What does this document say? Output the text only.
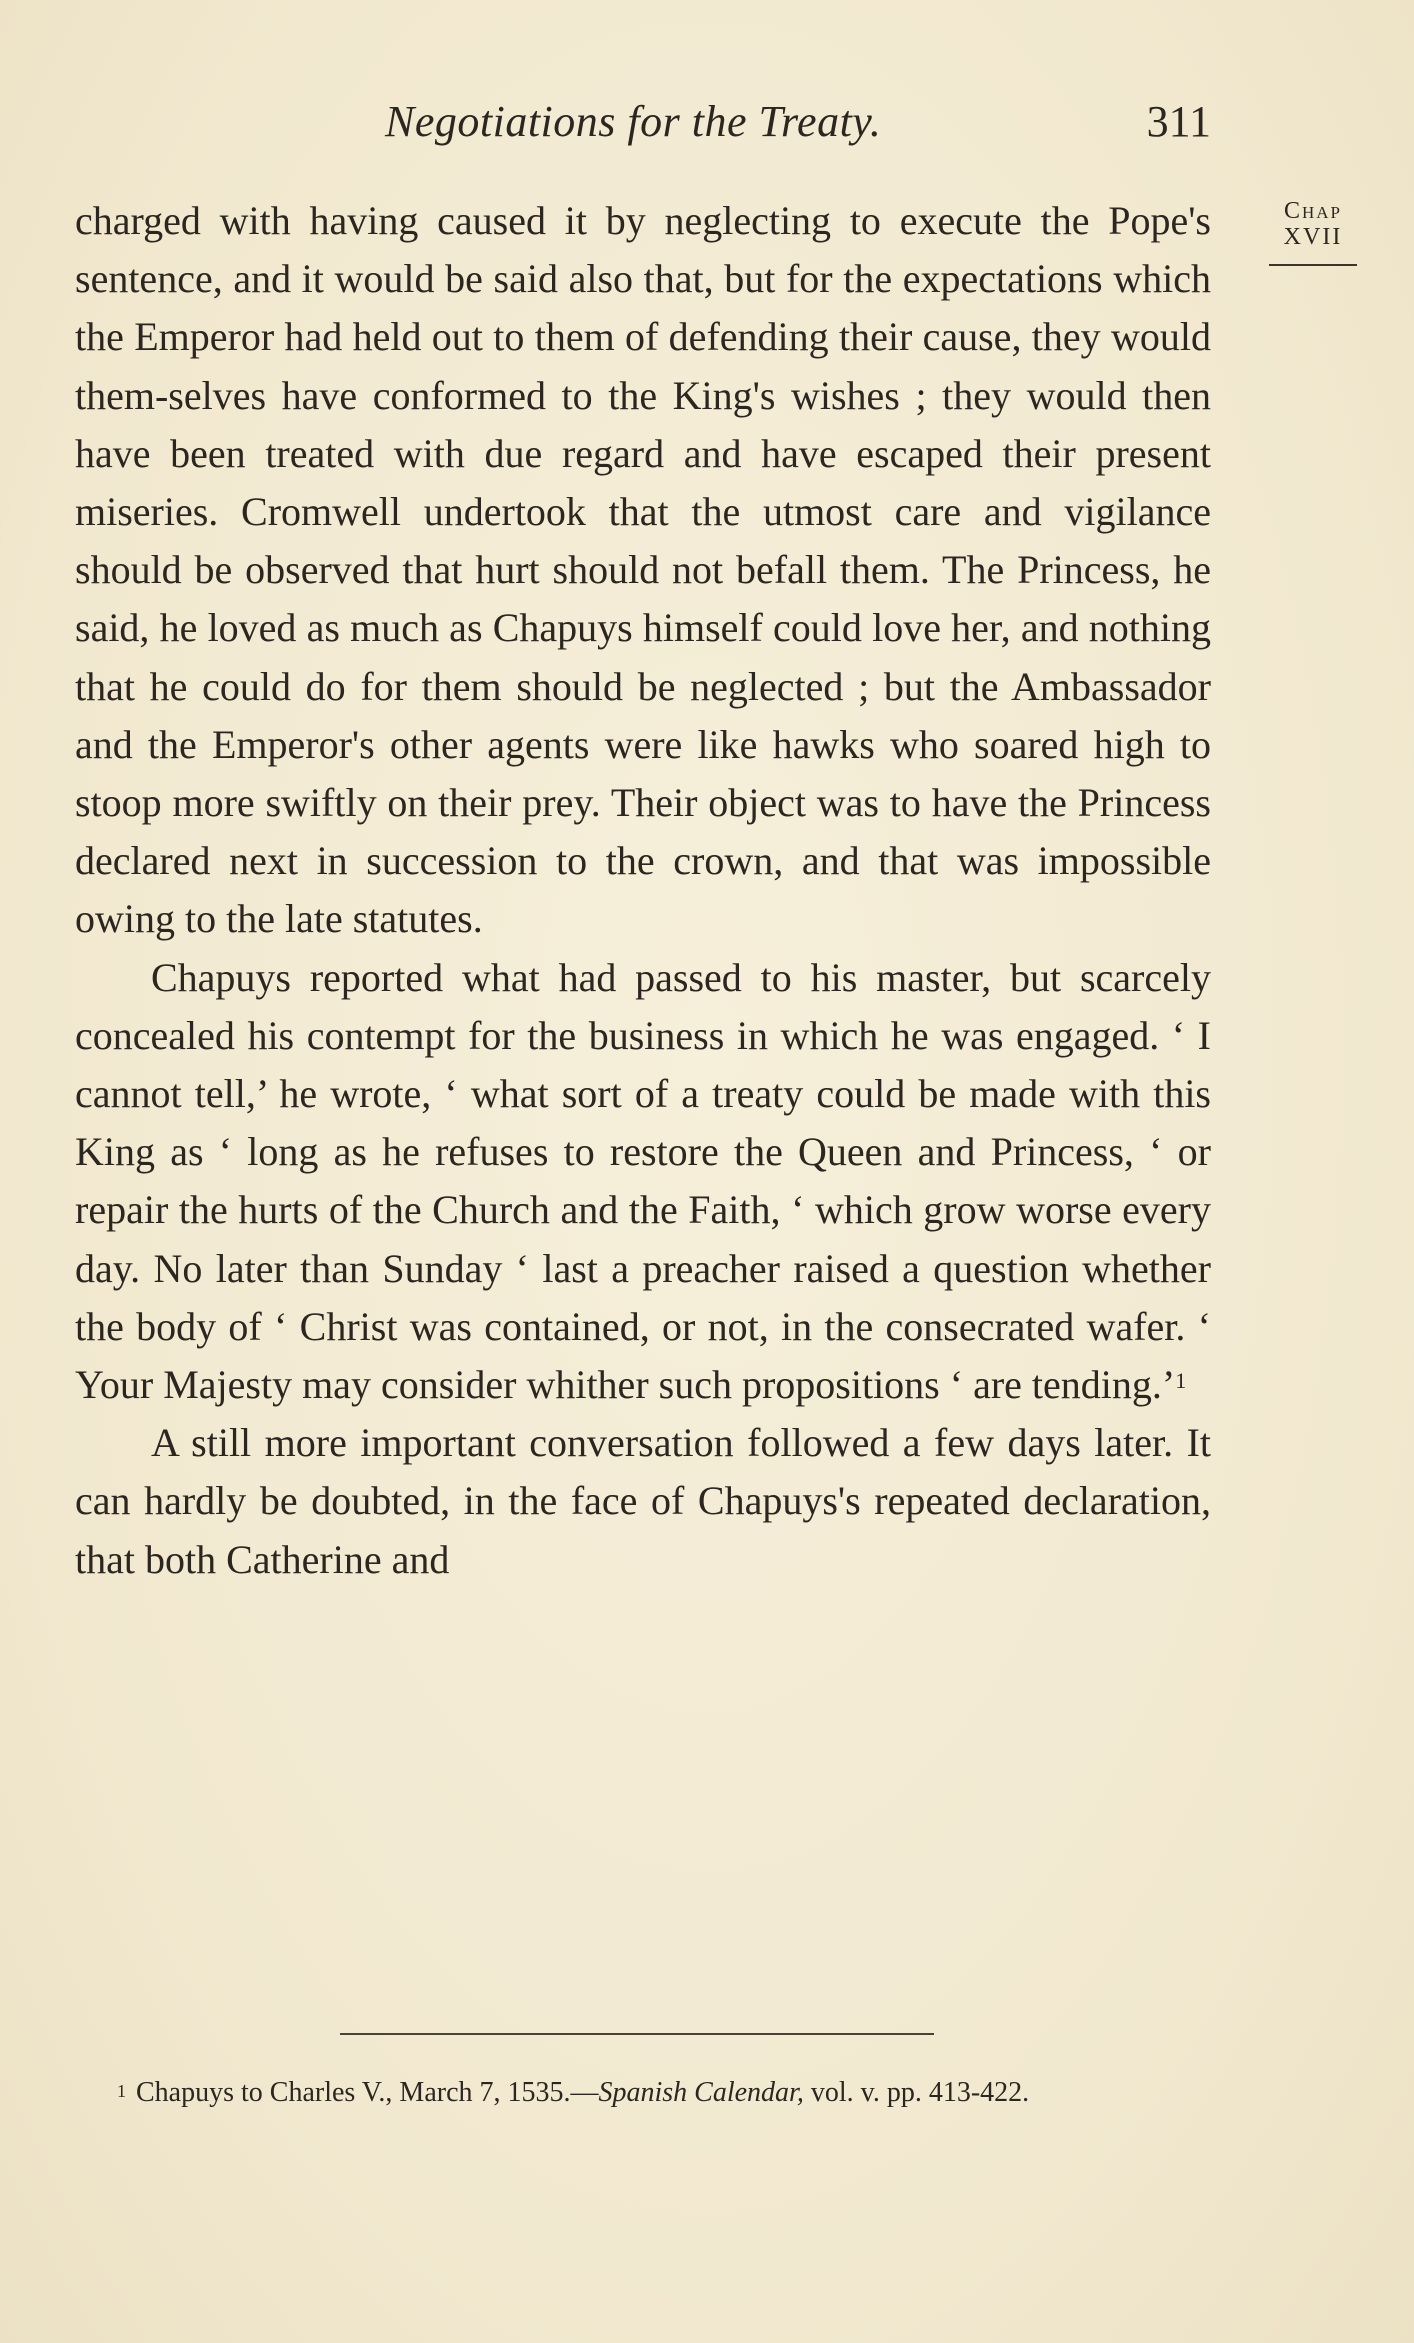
Negotiations for the Treaty.	311
Chap
XVII

charged with having caused it by neglecting to execute the Pope's sentence, and it would be said also that, but for the expectations which the Emperor had held out to them of defending their cause, they would them-selves have conformed to the King's wishes ; they would then have been treated with due regard and have escaped their present miseries. Cromwell undertook that the utmost care and vigilance should be observed that hurt should not befall them. The Princess, he said, he loved as much as Chapuys himself could love her, and nothing that he could do for them should be neglected ; but the Ambassador and the Emperor's other agents were like hawks who soared high to stoop more swiftly on their prey. Their object was to have the Princess declared next in succession to the crown, and that was impossible owing to the late statutes.

Chapuys reported what had passed to his master, but scarcely concealed his contempt for the business in which he was engaged. ‘ I cannot tell,’ he wrote, ‘ what sort of a treaty could be made with this King as ‘ long as he refuses to restore the Queen and Princess, ‘ or repair the hurts of the Church and the Faith, ‘ which grow worse every day. No later than Sunday ‘ last a preacher raised a question whether the body of ‘ Christ was contained, or not, in the consecrated wafer. ‘ Your Majesty may consider whither such propositions ‘ are tending.’$^1$

A still more important conversation followed a few days later. It can hardly be doubted, in the face of Chapuys's repeated declaration, that both Catherine and

$^1$ Chapuys to Charles V., March 7, 1535.—Spanish Calendar, vol. v. pp. 413-422.
